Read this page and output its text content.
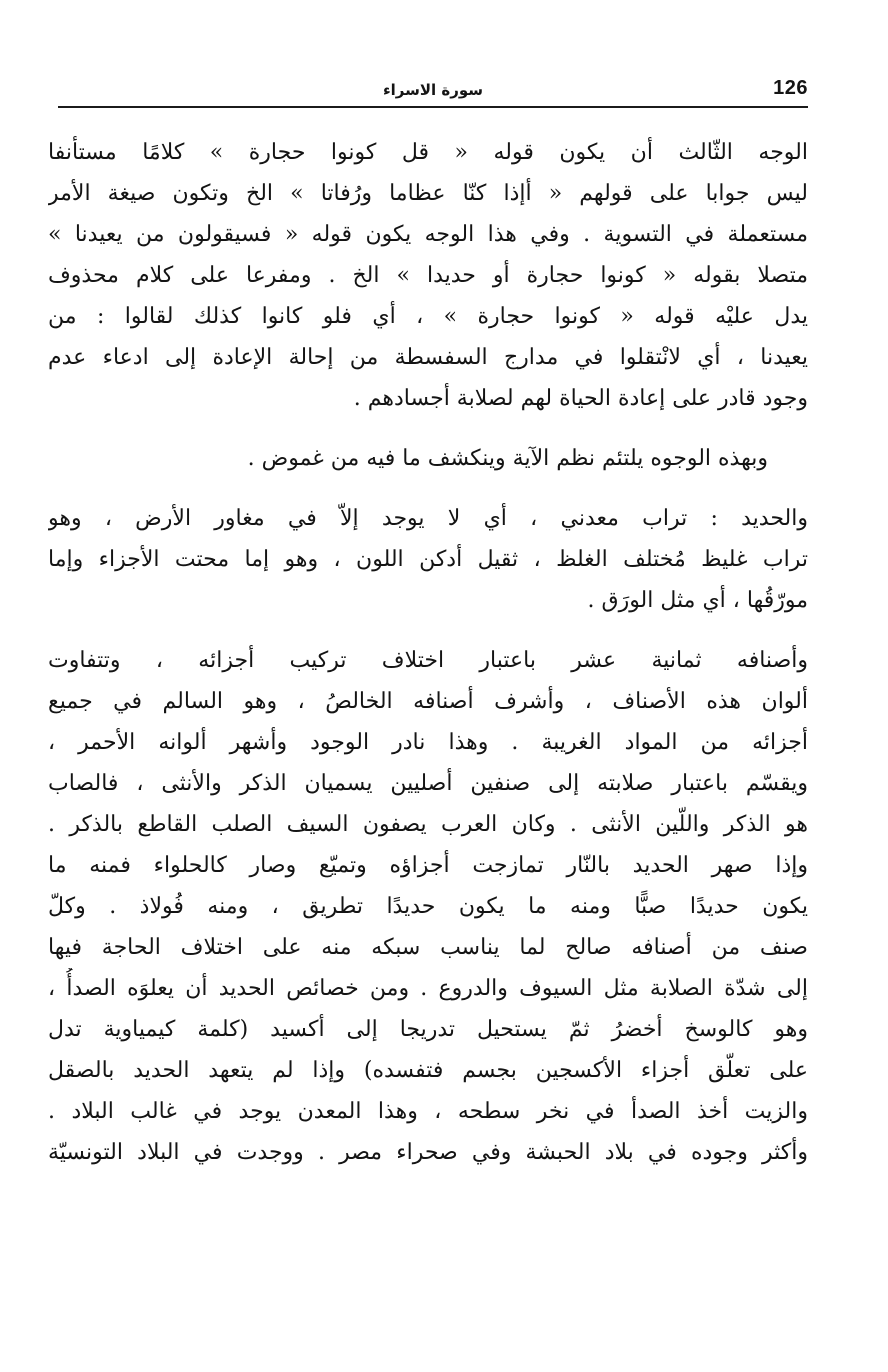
126
سورة الاسراء
الوجه الثّالث أن يكون قوله « قل كونوا حجارة » كلامًا مستأنفا
ليس جوابا على قولهم « أإذا كنّا عظاما ورُفاتا » الخ وتكون صيغة الأمر
مستعملة في التسوية . وفي هذا الوجه يكون قوله « فسيقولون من يعيدنا »
متصلا بقوله « كونوا حجارة أو حديدا » الخ . ومفرعا على كلام محذوف
يدل عليْه قوله « كونوا حجارة » ، أي فلو كانوا كذلك لقالوا : من
يعيدنا ، أي لانْتقلوا في مدارج السفسطة من إحالة الإعادة إلى ادعاء عدم
وجود قادر على إعادة الحياة لهم لصلابة أجسادهم .
وبهذه الوجوه يلتئم نظم الآية وينكشف ما فيه من غموض .
والحديد : تراب معدني ، أي لا يوجد إلاّ في مغاور الأرض ، وهو
تراب غليظ مُختلف الغلظ ، ثقيل أدكن اللون ، وهو إما محتت الأجزاء وإما
مورّقُها ، أي مثل الورَق .
وأصنافه ثمانية عشر باعتبار اختلاف تركيب أجزائه ، وتتفاوت
ألوان هذه الأصناف ، وأشرف أصنافه الخالصُ ، وهو السالم في جميع
أجزائه من المواد الغريبة . وهذا نادر الوجود وأشهر ألوانه الأحمر ،
ويقسّم باعتبار صلابته إلى صنفين أصليين يسميان الذكر والأنثى ، فالصاب
هو الذكر واللّين الأنثى . وكان العرب يصفون السيف الصلب القاطع بالذكر .
وإذا صهر الحديد بالنّار تمازجت أجزاؤه وتميّع وصار كالحلواء فمنه ما
يكون حديدًا صبًّا ومنه ما يكون حديدًا تطريق ، ومنه فُولاذ . وكلّ
صنف من أصنافه صالح لما يناسب سبكه منه على اختلاف الحاجة فيها
إلى شدّة الصلابة مثل السيوف والدروع . ومن خصائص الحديد أن يعلوَه الصدأُ ،
وهو كالوسخ أخضرُ ثمّ يستحيل تدريجا إلى أكسيد (كلمة كيمياوية تدل
على تعلّق أجزاء الأكسجين بجسم فتفسده) وإذا لم يتعهد الحديد بالصقل
والزيت أخذ الصدأ في نخر سطحه ، وهذا المعدن يوجد في غالب البلاد .
وأكثر وجوده في بلاد الحبشة وفي صحراء مصر . ووجدت في البلاد التونسيّة
